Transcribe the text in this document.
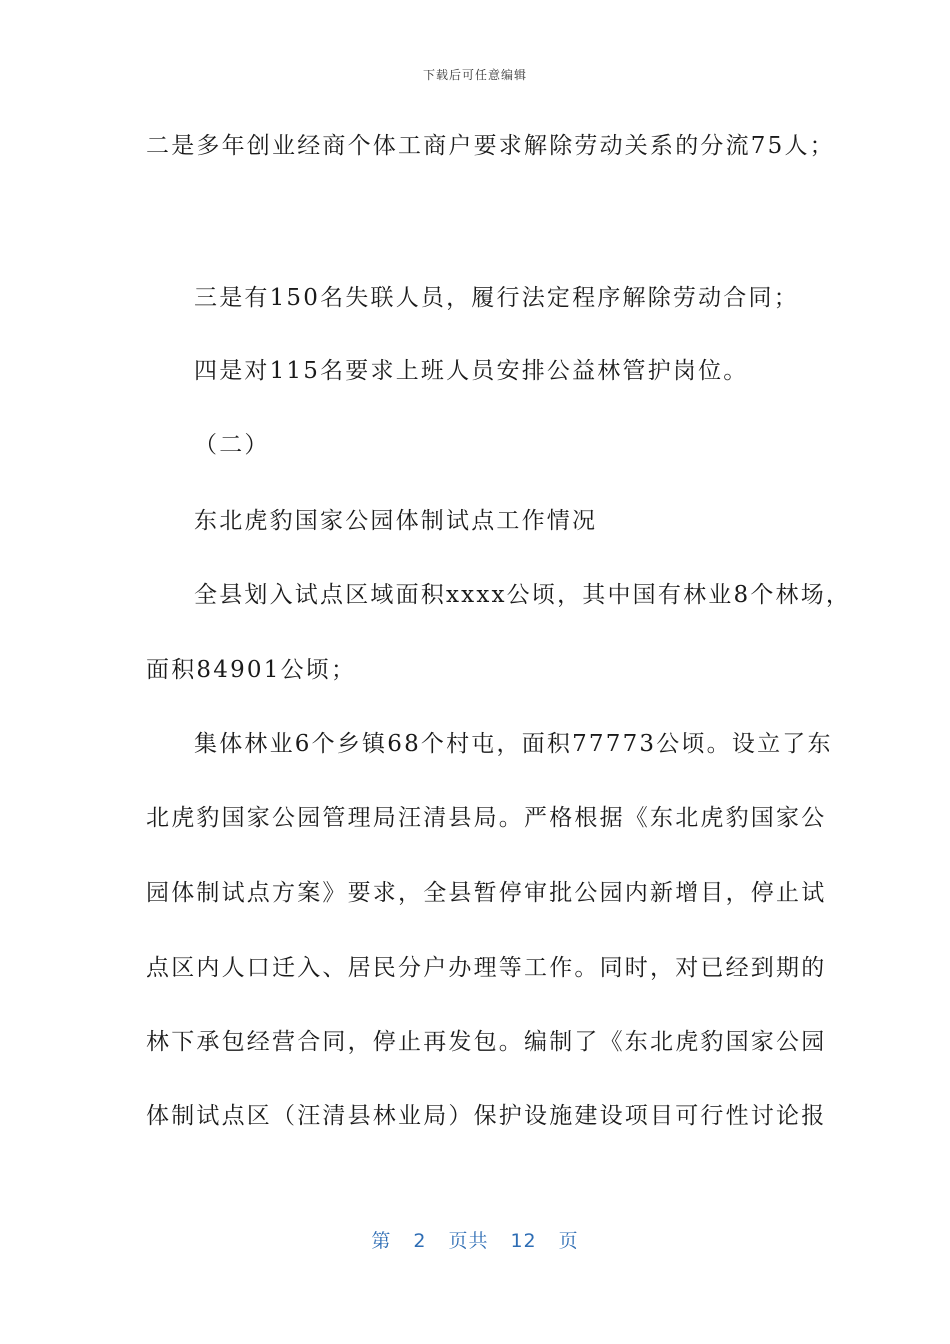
下载后可任意编辑
二是多年创业经商个体工商户要求解除劳动关系的分流75人；
三是有150名失联人员，履行法定程序解除劳动合同；
四是对115名要求上班人员安排公益林管护岗位。
（二）
东北虎豹国家公园体制试点工作情况
全县划入试点区域面积xxxx公顷，其中国有林业8个林场，
面积84901公顷；
集体林业6个乡镇68个村屯，面积77773公顷。设立了东
北虎豹国家公园管理局汪清县局。严格根据《东北虎豹国家公
园体制试点方案》要求，全县暂停审批公园内新增目，停止试
点区内人口迁入、居民分户办理等工作。同时，对已经到期的
林下承包经营合同，停止再发包。编制了《东北虎豹国家公园
体制试点区（汪清县林业局）保护设施建设项目可行性讨论报
第 2 页共 12 页
